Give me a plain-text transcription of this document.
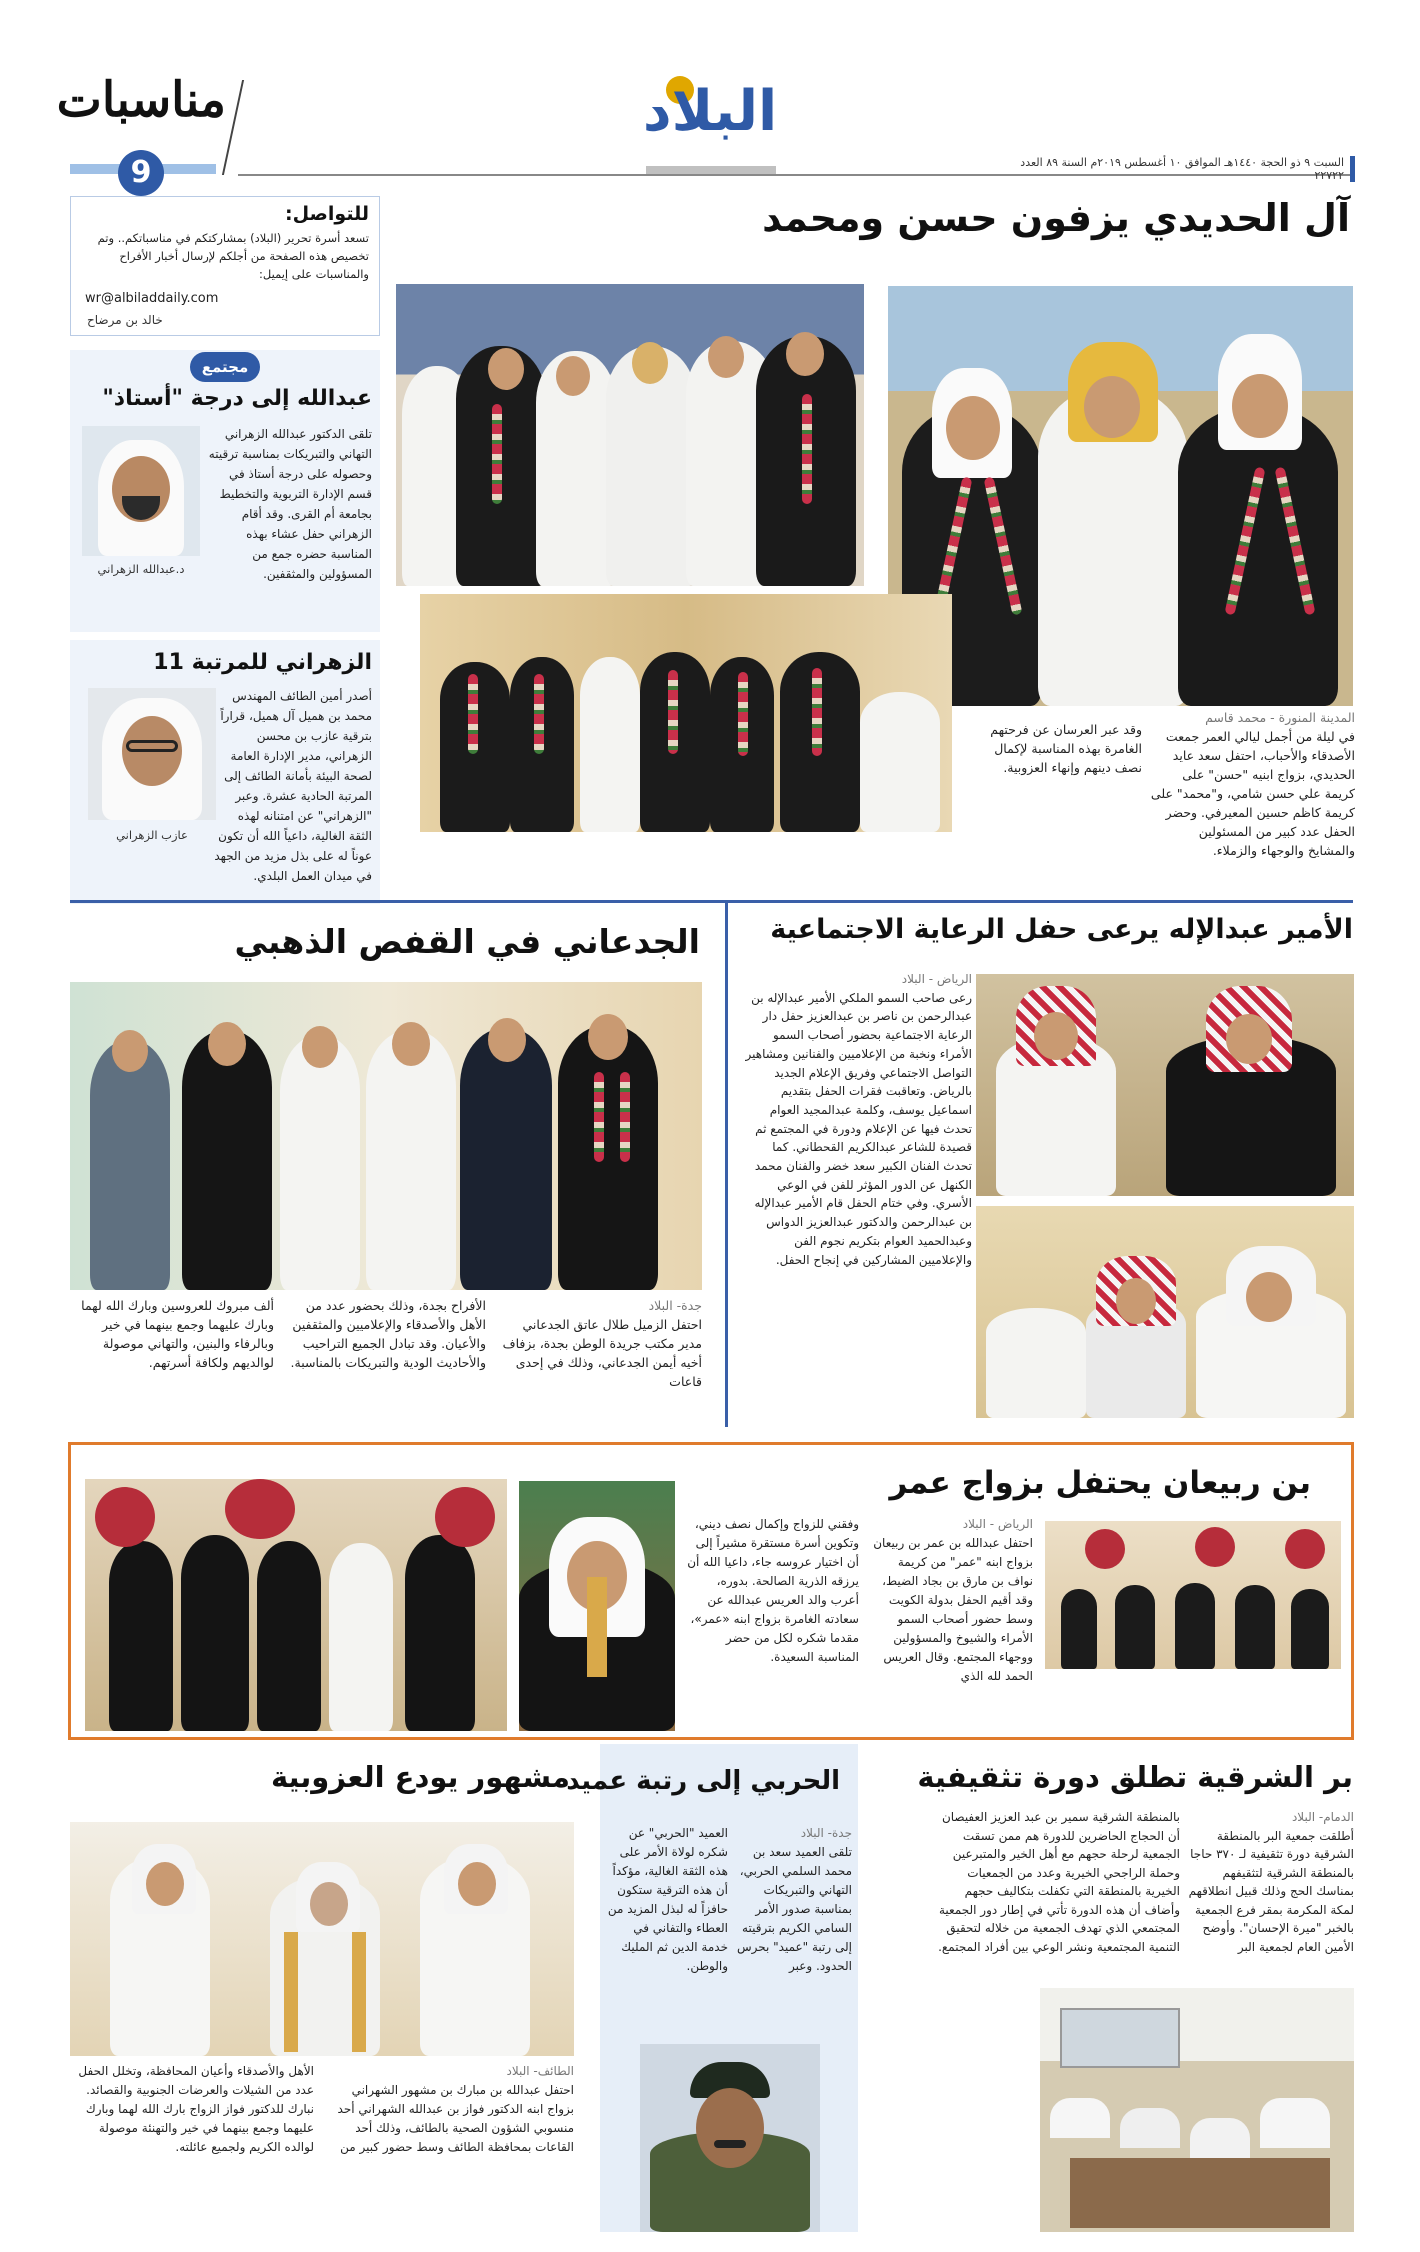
مناسبات
9
البلاد
السبت ٩ ذو الحجة ١٤٤٠هـ الموافق ١٠ أغسطس ٢٠١٩م السنة ٨٩ العدد ٢٢٧٢٢
للتواصل:
تسعد أسرة تحرير (البلاد) بمشاركتكم في مناسباتكم.. وتم تخصيص هذه الصفحة من أجلكم لإرسال أخبار الأفراح والمناسبات على إيميل:
wr@albiladdaily.com
خالد بن مرضاح
مجتمع
عبدالله إلى درجة "أستاذ"
تلقى الدكتور عبدالله الزهراني التهاني والتبريكات بمناسبة ترقيته وحصوله على درجة أستاذ في قسم الإدارة التربوية والتخطيط بجامعة أم القرى. وقد أقام الزهراني حفل عشاء بهذه المناسبة حضره جمع من المسؤولين والمثقفين.
د.عبدالله الزهراني
الزهراني للمرتبة 11
أصدر أمين الطائف المهندس محمد بن هميل آل هميل، قراراً بترقية عازب بن محسن الزهراني، مدير الإدارة العامة لصحة البيئة بأمانة الطائف إلى المرتبة الحادية عشرة. وعبر "الزهراني" عن امتنانه لهذه الثقة الغالية، داعياً الله أن تكون عوناً له على بذل مزيد من الجهد في ميدان العمل البلدي.
عازب الزهراني
آل الحديدي يزفون حسن ومحمد

المدينة المنورة - محمد قاسم

في ليلة من أجمل ليالي العمر جمعت الأصدقاء والأحباب، احتفل سعد عايد الحديدي، بزواج ابنيه "حسن" على كريمة علي حسن شامي، و"محمد" على كريمة كاظم حسين المعيرفي. وحضر الحفل عدد كبير من المسئولين والمشايخ والوجهاء والزملاء.

وقد عبر العرسان عن فرحتهم الغامرة بهذه المناسبة لإكمال نصف دينهم وإنهاء العزوبية.
الأمير عبدالإله يرعى حفل الرعاية الاجتماعية

الرياض - البلاد

رعى صاحب السمو الملكي الأمير عبدالإله بن عبدالرحمن بن ناصر بن عبدالعزيز حفل دار الرعاية الاجتماعية بحضور أصحاب السمو الأمراء ونخبة من الإعلاميين والفنانين ومشاهير التواصل الاجتماعي وفريق الإعلام الجديد بالرياض. وتعاقبت فقرات الحفل بتقديم اسماعيل يوسف، وكلمة عبدالمجيد العوام تحدث فيها عن الإعلام ودورة في المجتمع ثم قصيدة للشاعر عبدالكريم القحطاني. كما تحدث الفنان الكبير سعد خضر والفنان محمد الكنهل عن الدور المؤثر للفن في الوعي الأسري. وفي ختام الحفل قام الأمير عبدالإله بن عبدالرحمن والدكتور عبدالعزيز الدواس وعبدالحميد العوام بتكريم نجوم الفن والإعلاميين المشاركين في إنجاح الحفل.

الجدعاني في القفص الذهبي

جدة- البلاد

احتفل الزميل طلال عاتق الجدعاني مدير مكتب جريدة الوطن بجدة، بزفاف أخيه أيمن الجدعاني، وذلك في إحدى قاعات

الأفراح بجدة، وذلك بحضور عدد من الأهل والأصدقاء والإعلاميين والمثقفين والأعيان. وقد تبادل الجميع التراحيب والأحاديث الودية والتبريكات بالمناسبة.
ألف مبروك للعروسين وبارك الله لهما وبارك عليهما وجمع بينهما في خير وبالرفاء والبنين، والتهاني موصولة لوالديهم ولكافة أسرتهم.
بن ربيعان يحتفل بزواج عمر

الرياض - البلاد

احتفل عبدالله بن عمر بن ربيعان بزواج ابنه "عمر" من كريمة نواف بن مارق بن بجاد الضيط، وقد أقيم الحفل بدولة الكويت وسط حضور أصحاب السمو الأمراء والشيوخ والمسؤولين ووجهاء المجتمع. وقال العريس الحمد لله الذي

وفقني للزواج وإكمال نصف ديني، وتكوين أسرة مستقرة مشيراً إلى أن اختيار عروسه جاء، داعيا الله أن يرزقه الذرية الصالحة. بدوره، أعرب والد العريس عبدالله عن سعادته الغامرة بزواج ابنه «عمر»، مقدما شكره لكل من حضر المناسبة السعيدة.
بر الشرقية تطلق دورة تثقيفية

الدمام- البلاد

أطلقت جمعية البر بالمنطقة الشرقية دورة تثقيفية لـ ٣٧٠ حاجا بالمنطقة الشرقية لتثقيفهم بمناسك الحج وذلك قبيل انطلاقهم لمكة المكرمة بمقر فرع الجمعية بالخبر "ميرة الإحسان". وأوضح الأمين العام لجمعية البر

بالمنطقة الشرقية سمير بن عبد العزيز العفيصان أن الحجاج الحاضرين للدورة هم ممن تسقت الجمعية لرحلة حجهم مع أهل الخير والمتبرعين وحملة الراجحي الخيرية وعدد من الجمعيات الخيرية بالمنطقة التي تكفلت بتكاليف حجهم وأضاف أن هذه الدورة تأتي في إطار دور الجمعية المجتمعي الذي تهدف الجمعية من خلاله لتحقيق التنمية المجتمعية ونشر الوعي بين أفراد المجتمع.
الحربي إلى رتبة عميد

جدة- البلاد

تلقى العميد سعد بن محمد السلمي الحربي، التهاني والتبريكات بمناسبة صدور الأمر السامي الكريم بترقيته إلى رتبة "عميد" بحرس الحدود. وعبر

العميد "الحربي" عن شكره لولاة الأمر على هذه الثقة الغالية، مؤكداً أن هذه الترقية ستكون حافزاً له لبذل المزيد من العطاء والتفاني في خدمة الدين ثم المليك والوطن.
مشهور يودع العزوبية

الطائف- البلاد

احتفل عبدالله بن مبارك بن مشهور الشهراني بزواج ابنه الدكتور فواز بن عبدالله الشهراني أحد منسوبي الشؤون الصحية بالطائف، وذلك أحد القاعات بمحافظة الطائف وسط حضور كبير من

الأهل والأصدقاء وأعيان المحافظة، وتخلل الحفل عدد من الشيلات والعرضات الجنوبية والقصائد. نبارك للدكتور فواز الزواج بارك الله لهما وبارك عليهما وجمع بينهما في خير والتهنئة موصولة لوالده الكريم ولجميع عائلته.
